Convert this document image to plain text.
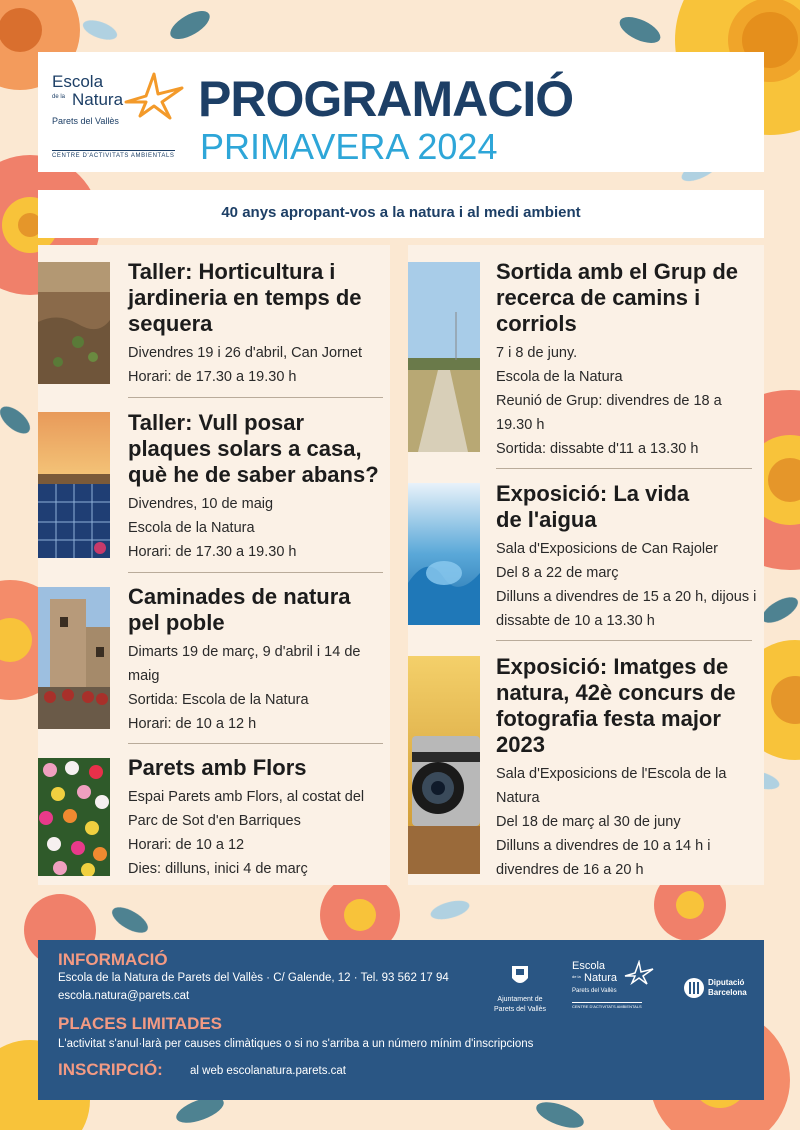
Escola
de la Natura
Parets del Vallès
CENTRE D'ACTIVITATS AMBIENTALS
PROGRAMACIÓ
PRIMAVERA 2024
40 anys apropant-vos a la natura i al medi ambient
Taller: Horticultura i jardineria en temps de sequera
Divendres 19 i 26 d'abril, Can Jornet
Horari: de 17.30 a 19.30 h
Taller: Vull posar plaques solars a casa, què he de saber abans?
Divendres, 10 de maig
Escola de la Natura
Horari: de 17.30 a 19.30 h
Caminades de natura pel poble
Dimarts 19 de març, 9 d'abril i 14 de maig
Sortida: Escola de la Natura
Horari: de 10 a 12 h
Parets amb Flors
Espai Parets amb Flors, al costat del Parc de Sot d'en Barriques
Horari: de 10 a 12
Dies: dilluns, inici 4 de març
Sortida amb el Grup de recerca de camins i corriols
7 i 8 de juny.
Escola de la Natura
Reunió de Grup: divendres de 18 a 19.30 h
Sortida: dissabte d'11 a 13.30 h
Exposició: La vida de l'aigua
Sala d'Exposicions de Can Rajoler
Del 8 a 22 de març
Dilluns a divendres de 15 a 20 h, dijous i dissabte de 10 a 13.30 h
Exposició: Imatges de natura, 42è concurs de fotografia festa major 2023
Sala d'Exposicions de l'Escola de la Natura
Del 18 de març al 30 de juny
Dilluns a divendres de 10 a 14 h i divendres de 16 a 20 h
INFORMACIÓ
Escola de la Natura de Parets del Vallès · C/ Galende, 12 · Tel. 93 562 17 94
escola.natura@parets.cat
PLACES LIMITADES
L'activitat s'anul·larà per causes climàtiques o si no s'arriba a un número mínim d'inscripcions
INSCRIPCIÓ: al web escolanatura.parets.cat
Ajuntament de
Parets del Vallès
Escola
de la Natura
Parets del Vallès
CENTRE D'ACTIVITATS AMBIENTALS
Diputació
Barcelona
